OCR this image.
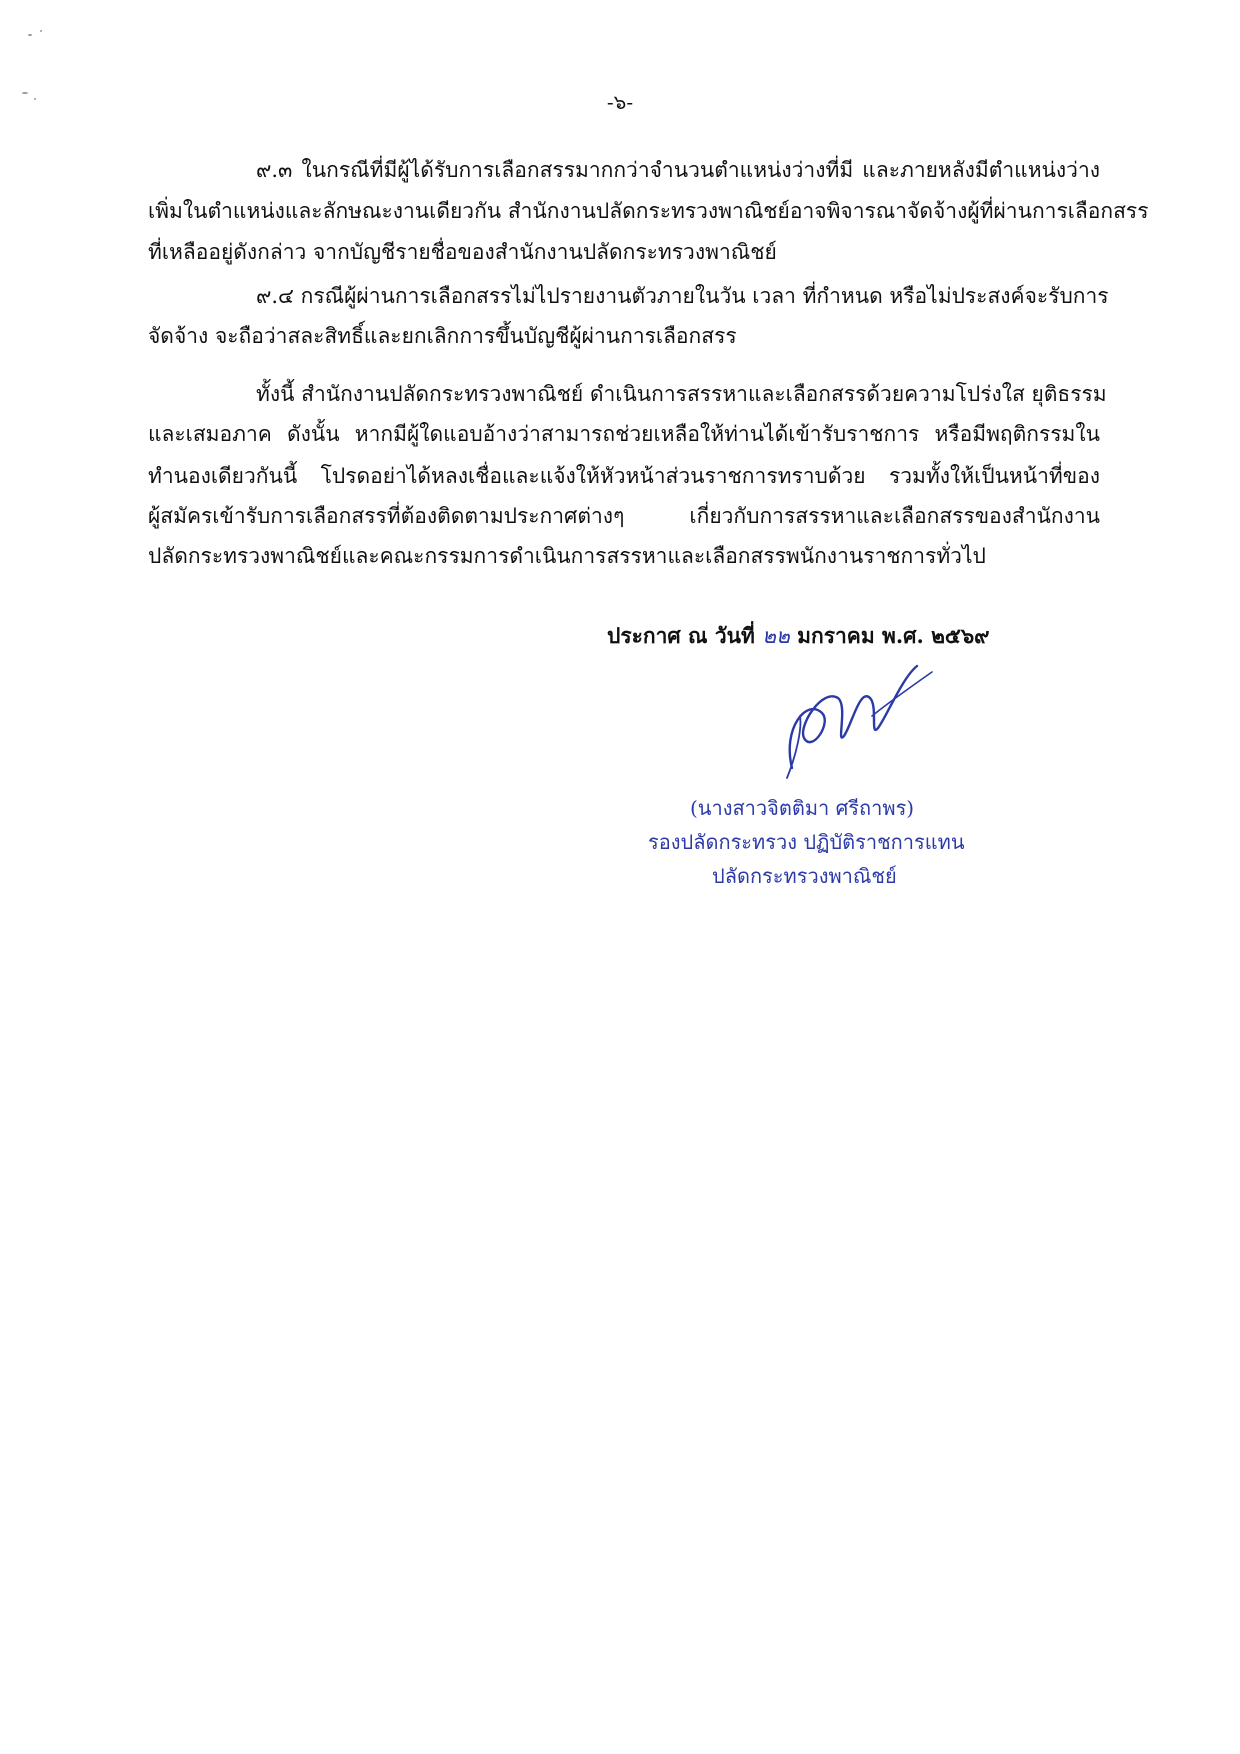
-๖-
๙.๓ ในกรณีที่มีผู้ได้รับการเลือกสรรมากกว่าจำนวนตำแหน่งว่างที่มี และภายหลังมีตำแหน่งว่าง
เพิ่มในตำแหน่งและลักษณะงานเดียวกัน สำนักงานปลัดกระทรวงพาณิชย์อาจพิจารณาจัดจ้างผู้ที่ผ่านการเลือกสรร
ที่เหลืออยู่ดังกล่าว จากบัญชีรายชื่อของสำนักงานปลัดกระทรวงพาณิชย์
๙.๔ กรณีผู้ผ่านการเลือกสรรไม่ไปรายงานตัวภายในวัน เวลา ที่กำหนด หรือไม่ประสงค์จะรับการ
จัดจ้าง จะถือว่าสละสิทธิ์และยกเลิกการขึ้นบัญชีผู้ผ่านการเลือกสรร
ทั้งนี้ สำนักงานปลัดกระทรวงพาณิชย์ ดำเนินการสรรหาและเลือกสรรด้วยความโปร่งใส ยุติธรรม
และเสมอภาค ดังนั้น หากมีผู้ใดแอบอ้างว่าสามารถช่วยเหลือให้ท่านได้เข้ารับราชการ หรือมีพฤติกรรมใน
ทำนองเดียวกันนี้ โปรดอย่าได้หลงเชื่อและแจ้งให้หัวหน้าส่วนราชการทราบด้วย รวมทั้งให้เป็นหน้าที่ของ
ผู้สมัครเข้ารับการเลือกสรรที่ต้องติดตามประกาศต่างๆ เกี่ยวกับการสรรหาและเลือกสรรของสำนักงาน
ปลัดกระทรวงพาณิชย์และคณะกรรมการดำเนินการสรรหาและเลือกสรรพนักงานราชการทั่วไป
ประกาศ ณ วันที่ ๒๒ มกราคม พ.ศ. ๒๕๖๙
(นางสาวจิตติมา ศรีถาพร)
รองปลัดกระทรวง ปฏิบัติราชการแทน
ปลัดกระทรวงพาณิชย์
